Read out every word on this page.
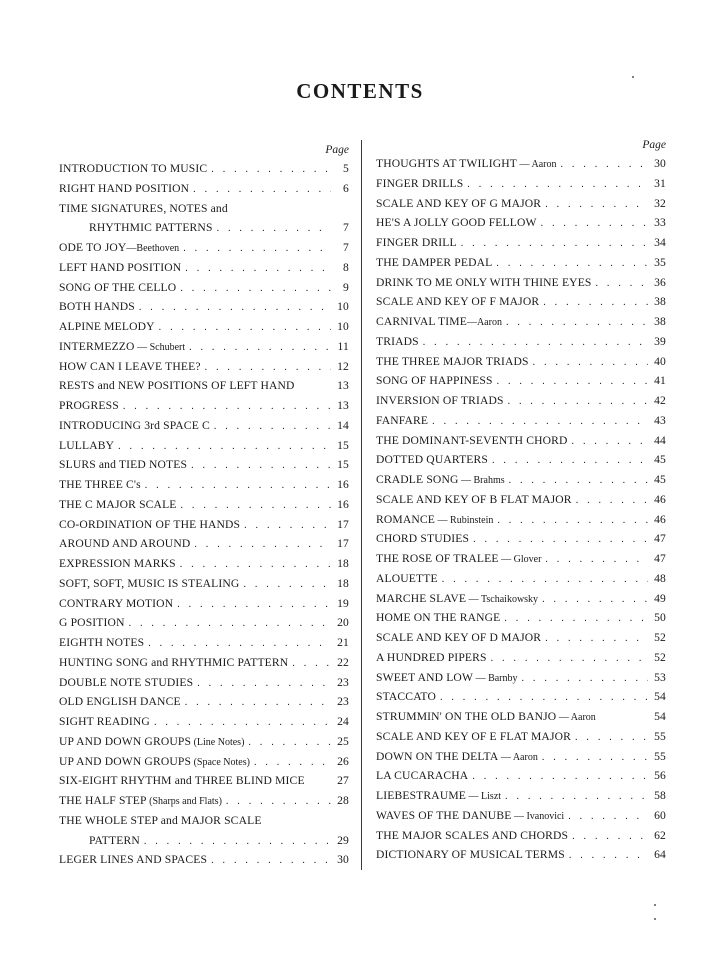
CONTENTS
Page
INTRODUCTION TO MUSIC . . .	5
RIGHT HAND POSITION . . .	6
TIME SIGNATURES, NOTES and
RHYTHMIC PATTERNS . . .	7
ODE TO JOY—Beethoven . . .	7
LEFT HAND POSITION . . .	8
SONG OF THE CELLO . . .	9
BOTH HANDS . . .	10
ALPINE MELODY . . .	10
INTERMEZZO — Schubert . . .	11
HOW CAN I LEAVE THEE? . . .	12
RESTS and NEW POSITIONS OF LEFT HAND	13
PROGRESS . . .	13
INTRODUCING 3rd SPACE C . . .	14
LULLABY . . .	15
SLURS and TIED NOTES . . .	15
THE THREE C's . . .	16
THE C MAJOR SCALE . . .	16
CO-ORDINATION OF THE HANDS . . .	17
AROUND AND AROUND . . .	17
EXPRESSION MARKS . . .	18
SOFT, SOFT, MUSIC IS STEALING . . .	18
CONTRARY MOTION . . .	19
G POSITION . . .	20
EIGHTH NOTES . . .	21
HUNTING SONG and RHYTHMIC PATTERN . . .	22
DOUBLE NOTE STUDIES . . .	23
OLD ENGLISH DANCE . . .	23
SIGHT READING . . .	24
UP AND DOWN GROUPS (Line Notes) . . .	25
UP AND DOWN GROUPS (Space Notes) . . .	26
SIX-EIGHT RHYTHM and THREE BLIND MICE	27
THE HALF STEP (Sharps and Flats) . . .	28
THE WHOLE STEP and MAJOR SCALE
PATTERN . . .	29
LEGER LINES AND SPACES . . .	30
Page
THOUGHTS AT TWILIGHT — Aaron . . .	30
FINGER DRILLS . . .	31
SCALE AND KEY OF G MAJOR . . .	32
HE'S A JOLLY GOOD FELLOW . . .	33
FINGER DRILL . . .	34
THE DAMPER PEDAL . . .	35
DRINK TO ME ONLY WITH THINE EYES . . .	36
SCALE AND KEY OF F MAJOR . . .	38
CARNIVAL TIME—Aaron . . .	38
TRIADS . . .	39
THE THREE MAJOR TRIADS . . .	40
SONG OF HAPPINESS . . .	41
INVERSION OF TRIADS . . .	42
FANFARE . . .	43
THE DOMINANT-SEVENTH CHORD . . .	44
DOTTED QUARTERS . . .	45
CRADLE SONG — Brahms . . .	45
SCALE AND KEY OF B FLAT MAJOR . . .	46
ROMANCE — Rubinstein . . .	46
CHORD STUDIES . . .	47
THE ROSE OF TRALEE — Glover . . .	47
ALOUETTE . . .	48
MARCHE SLAVE — Tschaikowsky . . .	49
HOME ON THE RANGE . . .	50
SCALE AND KEY OF D MAJOR . . .	52
A HUNDRED PIPERS . . .	52
SWEET AND LOW — Barnby . . .	53
STACCATO . . .	54
STRUMMIN' ON THE OLD BANJO — Aaron	54
SCALE AND KEY OF E FLAT MAJOR . . .	55
DOWN ON THE DELTA — Aaron . . .	55
LA CUCARACHA . . .	56
LIEBESTRAUME — Liszt . . .	58
WAVES OF THE DANUBE — Ivanovici . . .	60
THE MAJOR SCALES AND CHORDS . . .	62
DICTIONARY OF MUSICAL TERMS . . .	64
